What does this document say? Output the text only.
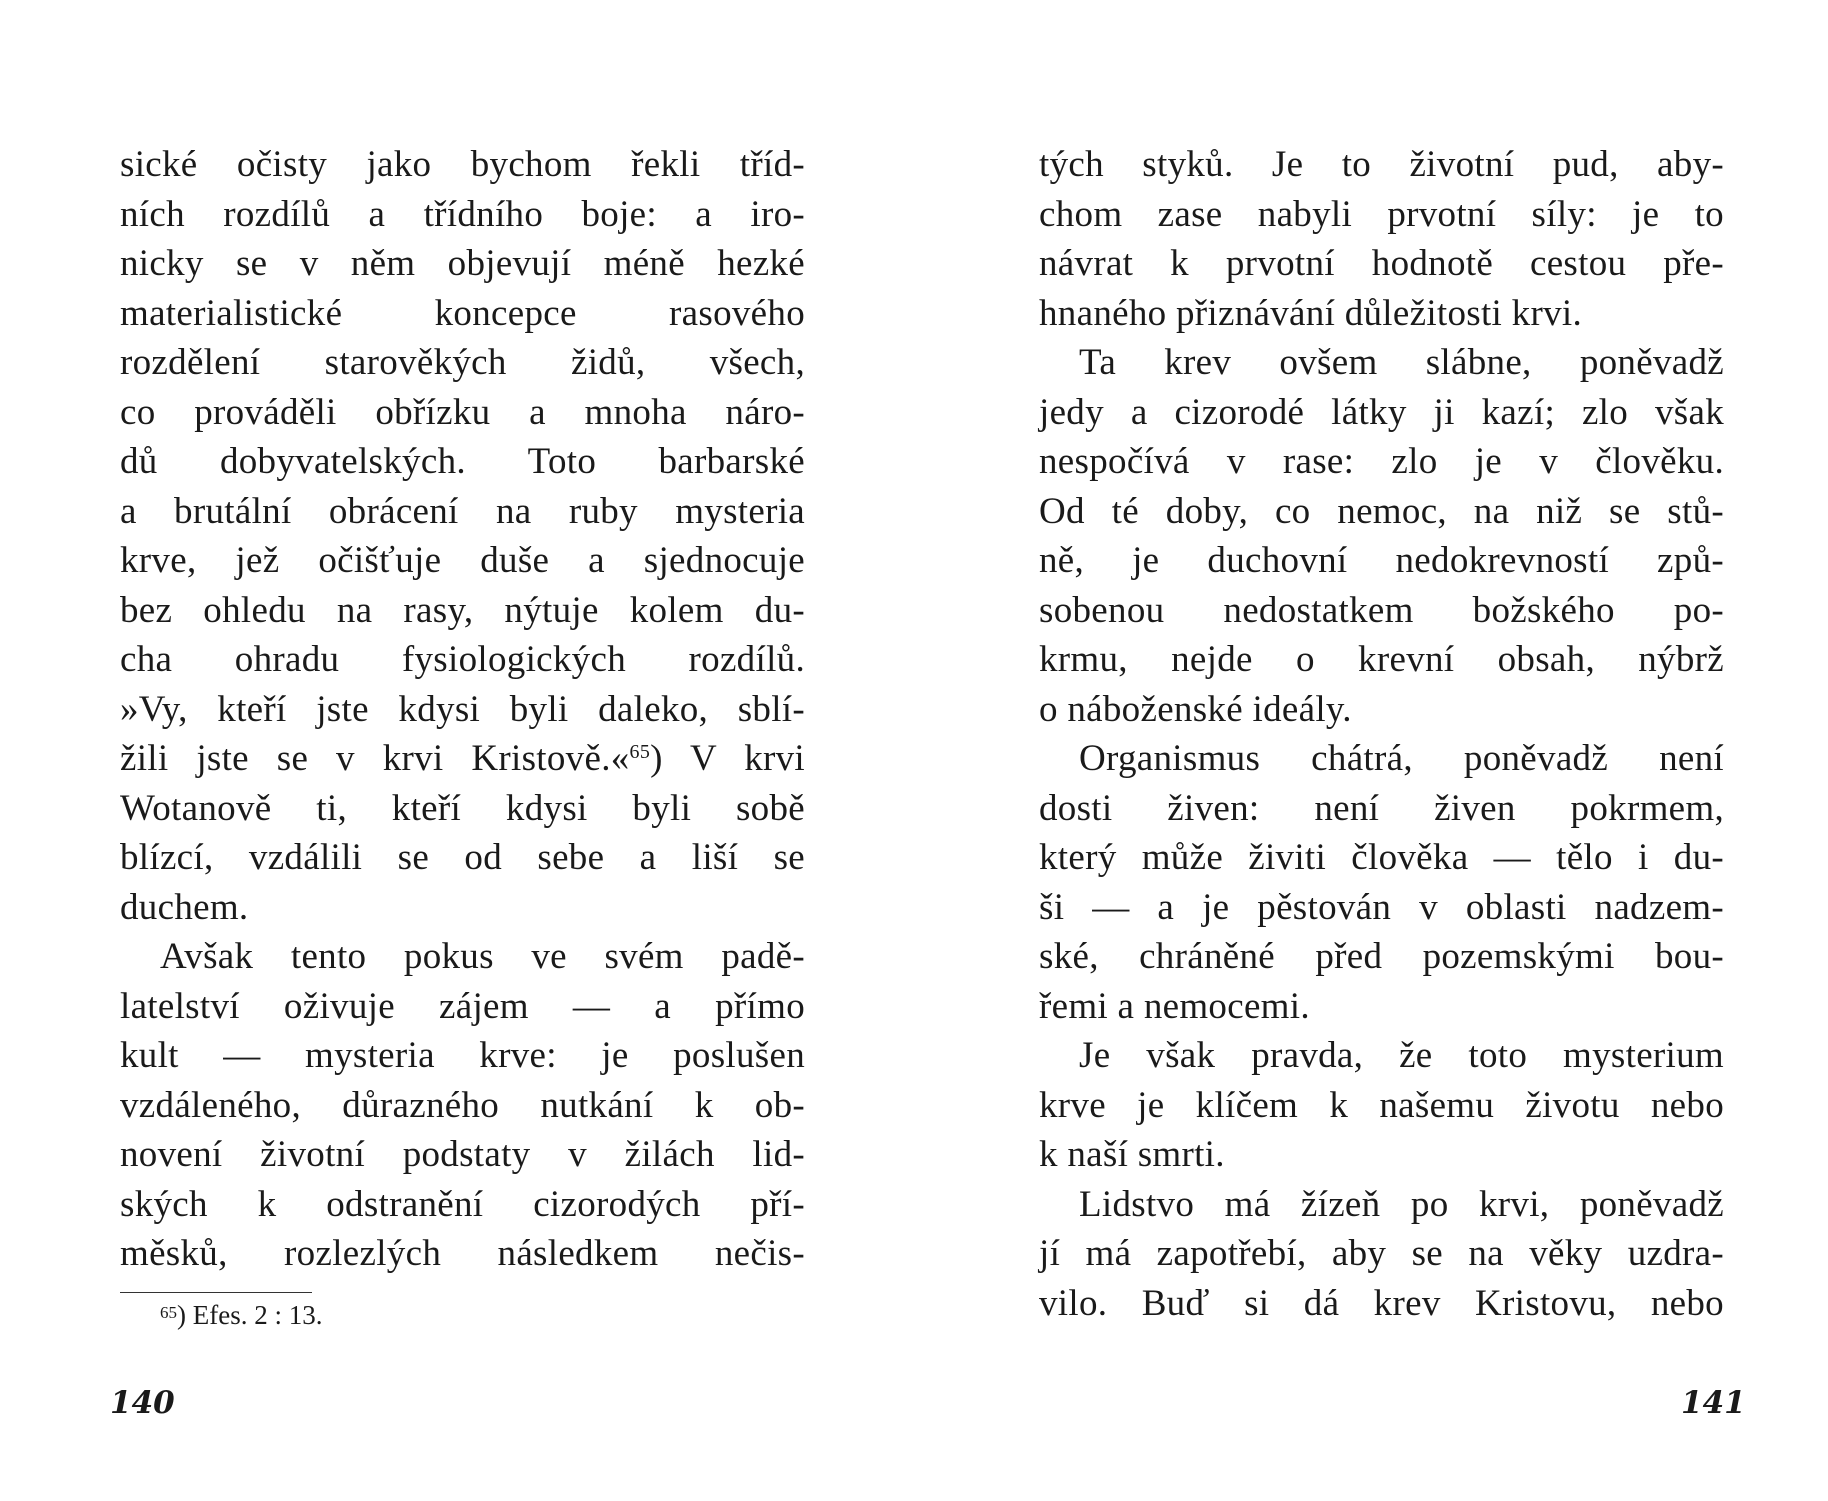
sické očisty jako bychom řekli tříd-
ních rozdílů a třídního boje: a iro-
nicky se v něm objevují méně hezké
materialistické koncepce rasového
rozdělení starověkých židů, všech,
co prováděli obřízku a mnoha náro-
dů dobyvatelských. Toto barbarské
a brutální obrácení na ruby mysteria
krve, jež očišťuje duše a sjednocuje
bez ohledu na rasy, nýtuje kolem du-
cha ohradu fysiologických rozdílů.
»Vy, kteří jste kdysi byli daleko, sblí-
žili jste se v krvi Kristově.«$^{65}$) V krvi
Wotanově ti, kteří kdysi byli sobě
blízcí, vzdálili se od sebe a liší se
duchem.
Avšak tento pokus ve svém padě-
latelství oživuje zájem — a přímo
kult — mysteria krve: je poslušen
vzdáleného, důrazného nutkání k ob-
novení životní podstaty v žilách lid-
ských k odstranění cizorodých pří-
měsků, rozlezlých následkem nečis-
$^{65}$) Efes. 2 : 13.
140
tých styků. Je to životní pud, aby-
chom zase nabyli prvotní síly: je to
návrat k prvotní hodnotě cestou pře-
hnaného přiznávání důležitosti krvi.
Ta krev ovšem slábne, poněvadž
jedy a cizorodé látky ji kazí; zlo však
nespočívá v rase: zlo je v člověku.
Od té doby, co nemoc, na niž se stů-
ně, je duchovní nedokrevností způ-
sobenou nedostatkem božského po-
krmu, nejde o krevní obsah, nýbrž
o náboženské ideály.
Organismus chátrá, poněvadž není
dosti živen: není živen pokrmem,
který může živiti člověka — tělo i du-
ši — a je pěstován v oblasti nadzem-
ské, chráněné před pozemskými bou-
řemi a nemocemi.
Je však pravda, že toto mysterium
krve je klíčem k našemu životu nebo
k naší smrti.
Lidstvo má žízeň po krvi, poněvadž
jí má zapotřebí, aby se na věky uzdra-
vilo. Buď si dá krev Kristovu, nebo
141
